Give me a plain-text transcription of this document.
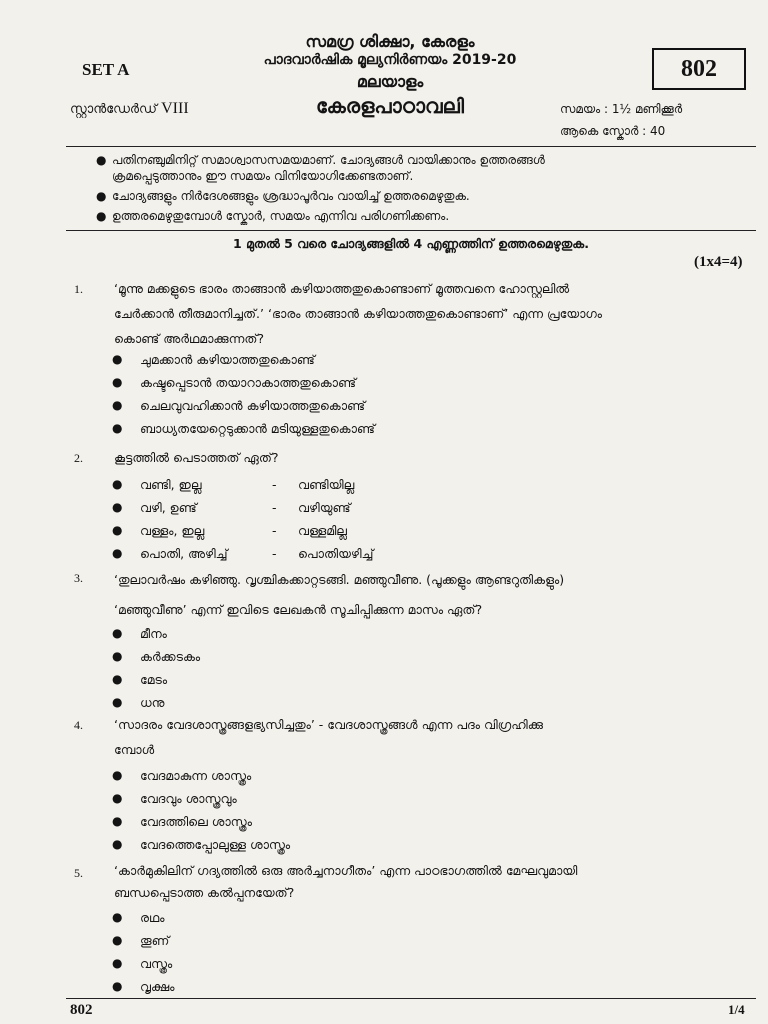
SET A
സ്റ്റാൻഡേർഡ് VIII
സമഗ്ര ശിക്ഷാ, കേരളം
പാദവാർഷിക മൂല്യനിർണയം 2019-20
മലയാളം
കേരളപാഠാവലി
802
സമയം : 1½ മണിക്കൂർ
ആകെ സ്കോർ : 40
● പതിനഞ്ചുമിനിറ്റ് സമാശ്വാസസമയമാണ്. ചോദ്യങ്ങൾ വായിക്കാനും ഉത്തരങ്ങൾ
ക്രമപ്പെടുത്താനും ഈ സമയം വിനിയോഗിക്കേണ്ടതാണ്.
● ചോദ്യങ്ങളും നിർദേശങ്ങളും ശ്രദ്ധാപൂർവം വായിച്ച് ഉത്തരമെഴുതുക.
● ഉത്തരമെഴുതുമ്പോൾ സ്കോർ, സമയം എന്നിവ പരിഗണിക്കണം.
1 മുതൽ 5 വരെ ചോദ്യങ്ങളിൽ 4 എണ്ണത്തിന് ഉത്തരമെഴുതുക.
(1x4=4)
1. ‘മൂന്നു മക്കളുടെ ഭാരം താങ്ങാൻ കഴിയാത്തതുകൊണ്ടാണ് മൂത്തവനെ ഹോസ്റ്റലിൽ
ചേർക്കാൻ തീരുമാനിച്ചത്.’ ‘ഭാരം താങ്ങാൻ കഴിയാത്തതുകൊണ്ടാണ്’ എന്ന പ്രയോഗം
കൊണ്ട് അർഥമാക്കുന്നത്?
● ചുമക്കാൻ കഴിയാത്തതുകൊണ്ട്
● കഷ്ടപ്പെടാൻ തയാറാകാത്തതുകൊണ്ട്
● ചെലവുവഹിക്കാൻ കഴിയാത്തതുകൊണ്ട്
● ബാധ്യതയേറ്റെടുക്കാൻ മടിയുള്ളതുകൊണ്ട്
2. കൂട്ടത്തിൽ പെടാത്തത് ഏത്?
● വണ്ടി, ഇല്ല	- വണ്ടിയില്ല
● വഴി, ഉണ്ട്	- വഴിയുണ്ട്
● വള്ളം, ഇല്ല	- വള്ളമില്ല
● പൊതി, അഴിച്ച്	- പൊതിയഴിച്ച്
3. ‘തുലാവർഷം കഴിഞ്ഞു. വൃശ്ചികക്കാറ്റടങ്ങി. മഞ്ഞുവീണു. (പൂക്കളും ആണ്ടറുതികളും)
‘മഞ്ഞുവീണു’ എന്ന് ഇവിടെ ലേഖകൻ സൂചിപ്പിക്കുന്ന മാസം ഏത്?
● മീനം
● കർക്കടകം
● മേടം
● ധനു
4. ‘സാദരം വേദശാസ്ത്രങ്ങളഭ്യസിച്ചതും’ - വേദശാസ്ത്രങ്ങൾ എന്ന പദം വിഗ്രഹിക്കു
മ്പോൾ
● വേദമാകുന്ന ശാസ്ത്രം
● വേദവും ശാസ്ത്രവും
● വേദത്തിലെ ശാസ്ത്രം
● വേദത്തെപ്പോലുള്ള ശാസ്ത്രം
5. ‘കാർമുകിലിന് ഗദ്യത്തിൽ ഒരു അർച്ചനാഗീതം’ എന്ന പാഠഭാഗത്തിൽ മേഘവുമായി
ബന്ധപ്പെടാത്ത കൽപ്പനയേത്?
● രഥം
● തൂണ്
● വസ്ത്രം
● വൃക്ഷം
802	1/4
